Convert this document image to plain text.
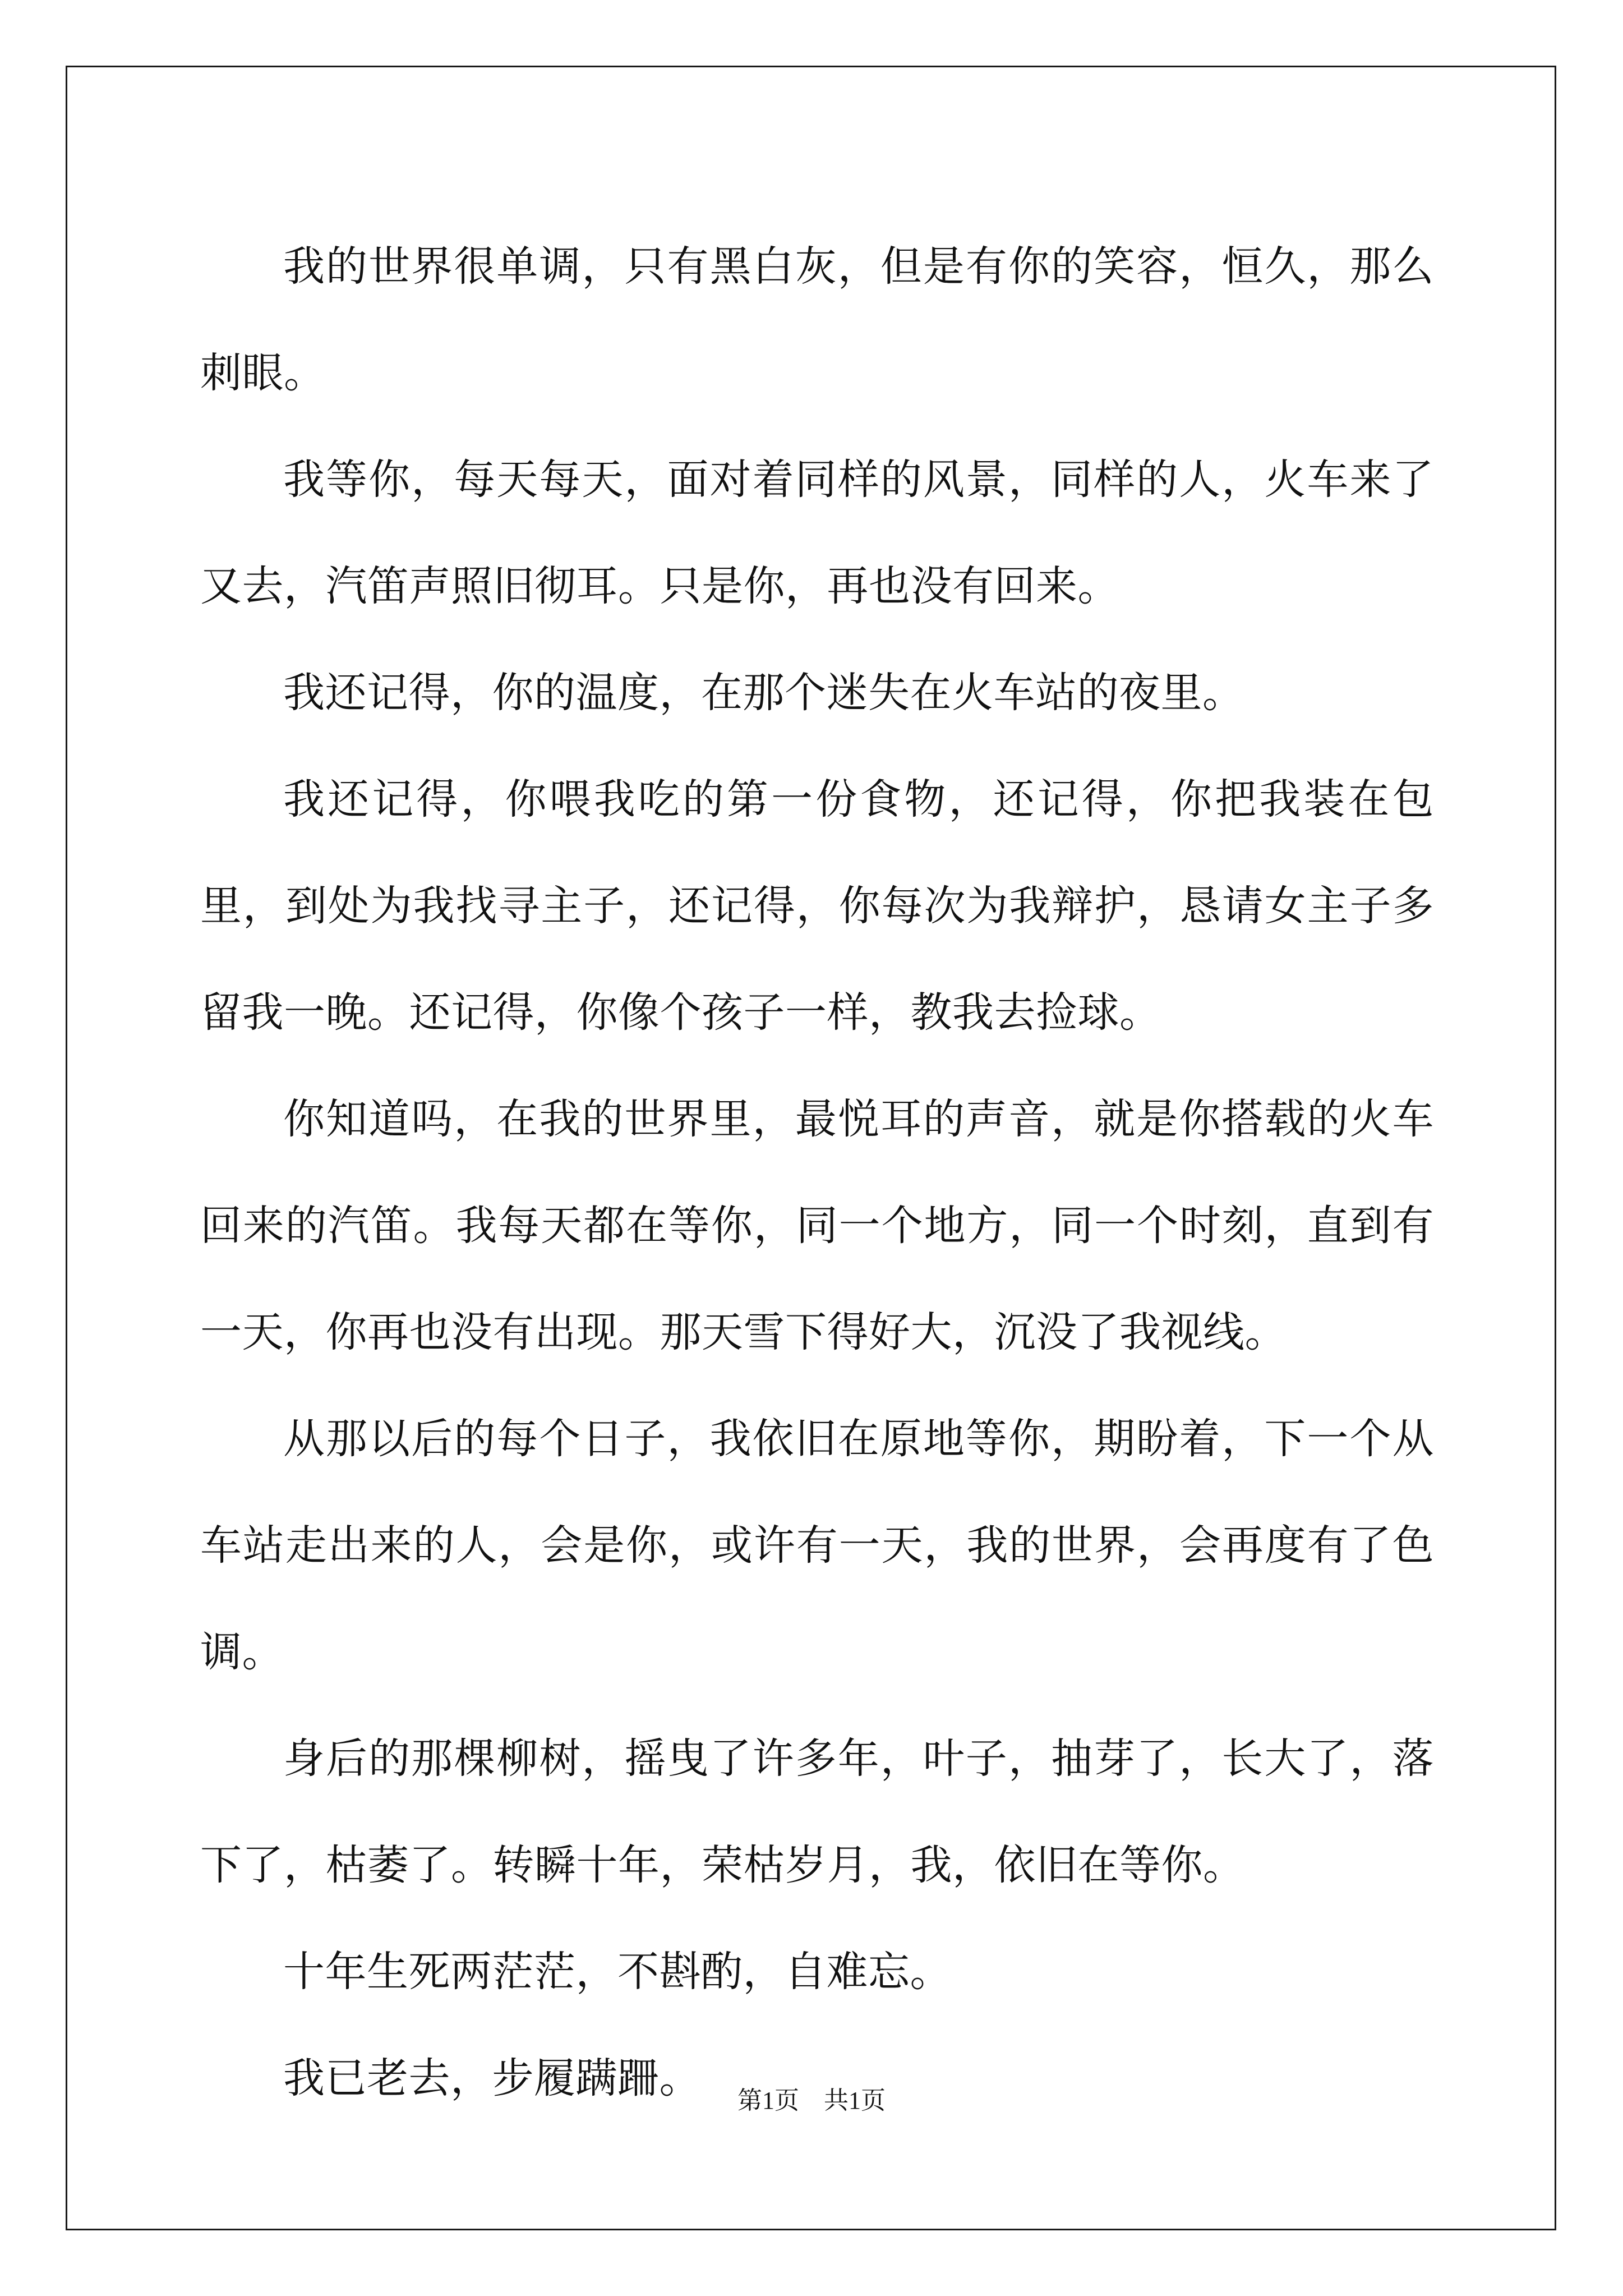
我的世界很单调，只有黑白灰，但是有你的笑容，恒久，那么刺眼。

我等你，每天每天，面对着同样的风景，同样的人，火车来了又去，汽笛声照旧彻耳。只是你，再也没有回来。

我还记得，你的温度，在那个迷失在火车站的夜里。

我还记得，你喂我吃的第一份食物，还记得，你把我装在包里，到处为我找寻主子，还记得，你每次为我辩护，恳请女主子多留我一晚。还记得，你像个孩子一样，教我去捡球。

你知道吗，在我的世界里，最悦耳的声音，就是你搭载的火车回来的汽笛。我每天都在等你，同一个地方，同一个时刻，直到有一天，你再也没有出现。那天雪下得好大，沉没了我视线。

从那以后的每个日子，我依旧在原地等你，期盼着，下一个从车站走出来的人，会是你，或许有一天，我的世界，会再度有了色调。

身后的那棵柳树，摇曳了许多年，叶子，抽芽了，长大了，落下了，枯萎了。转瞬十年，荣枯岁月，我，依旧在等你。

十年生死两茫茫，不斟酌，自难忘。

我已老去，步履蹒跚。	第1页　共1页
